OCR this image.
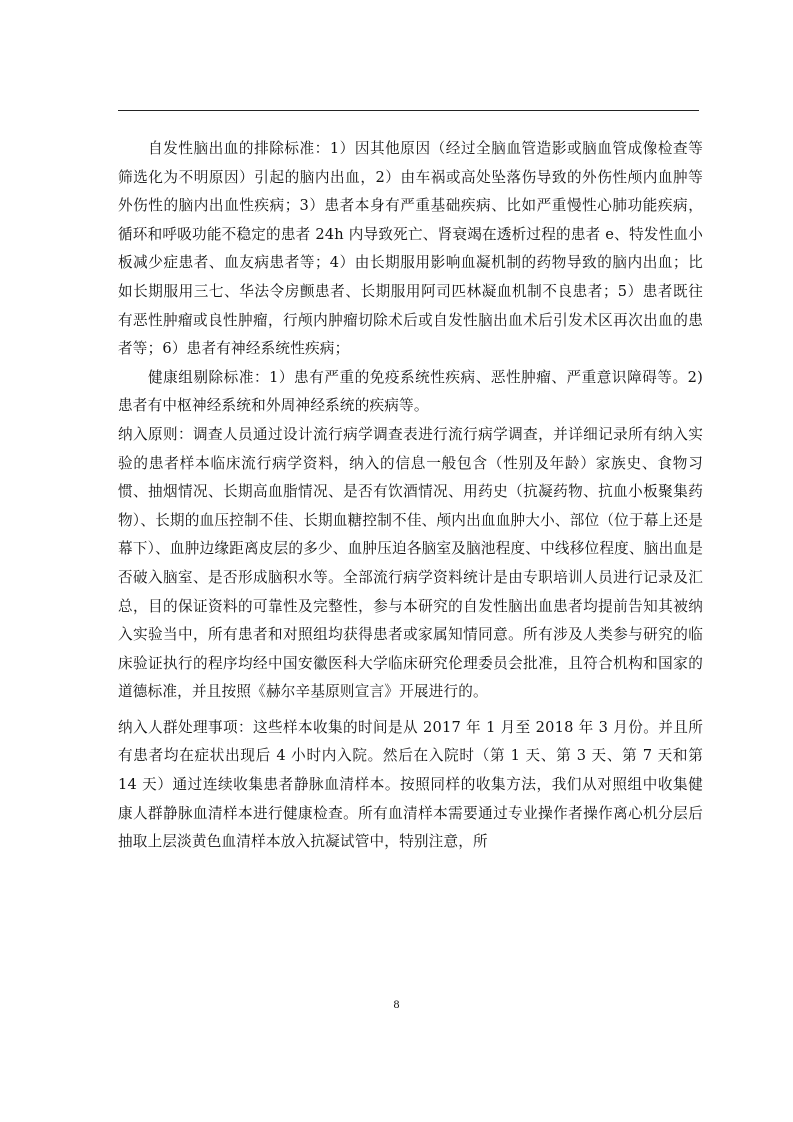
自发性脑出血的排除标准：1）因其他原因（经过全脑血管造影或脑血管成像检查等筛选化为不明原因）引起的脑内出血，2）由车祸或高处坠落伤导致的外伤性颅内血肿等外伤性的脑内出血性疾病；3）患者本身有严重基础疾病、比如严重慢性心肺功能疾病，循环和呼吸功能不稳定的患者 24h 内导致死亡、肾衰竭在透析过程的患者 e、特发性血小板减少症患者、血友病患者等；4）由长期服用影响血凝机制的药物导致的脑内出血；比如长期服用三七、华法令房颤患者、长期服用阿司匹林凝血机制不良患者；5）患者既往有恶性肿瘤或良性肿瘤，行颅内肿瘤切除术后或自发性脑出血术后引发术区再次出血的患者等；6）患者有神经系统性疾病；

健康组剔除标准：1）患有严重的免疫系统性疾病、恶性肿瘤、严重意识障碍等。2)患者有中枢神经系统和外周神经系统的疾病等。

纳入原则：调查人员通过设计流行病学调查表进行流行病学调查，并详细记录所有纳入实验的患者样本临床流行病学资料，纳入的信息一般包含（性别及年龄）家族史、食物习惯、抽烟情况、长期高血脂情况、是否有饮酒情况、用药史（抗凝药物、抗血小板聚集药物）、长期的血压控制不佳、长期血糖控制不佳、颅内出血血肿大小、部位（位于幕上还是幕下）、血肿边缘距离皮层的多少、血肿压迫各脑室及脑池程度、中线移位程度、脑出血是否破入脑室、是否形成脑积水等。全部流行病学资料统计是由专职培训人员进行记录及汇总，目的保证资料的可靠性及完整性，参与本研究的自发性脑出血患者均提前告知其被纳入实验当中，所有患者和对照组均获得患者或家属知情同意。所有涉及人类参与研究的临床验证执行的程序均经中国安徽医科大学临床研究伦理委员会批准，且符合机构和国家的道德标准，并且按照《赫尔辛基原则宣言》开展进行的。

纳入人群处理事项：这些样本收集的时间是从 2017 年 1 月至 2018 年 3 月份。并且所有患者均在症状出现后 4 小时内入院。然后在入院时（第 1 天、第 3 天、第 7 天和第 14 天）通过连续收集患者静脉血清样本。按照同样的收集方法，我们从对照组中收集健康人群静脉血清样本进行健康检查。所有血清样本需要通过专业操作者操作离心机分层后抽取上层淡黄色血清样本放入抗凝试管中，特别注意，所

8
